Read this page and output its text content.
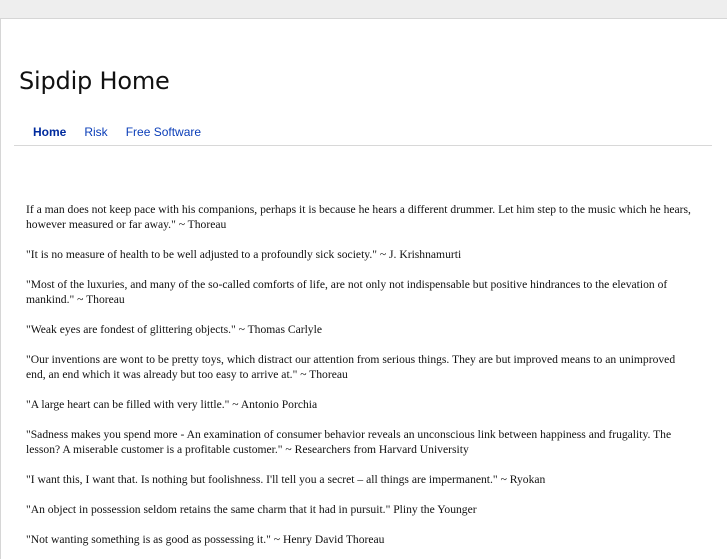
Sipdip Home
Home Risk Free Software

If a man does not keep pace with his companions, perhaps it is because he hears a different drummer. Let him step to the music which he hears, however measured or far away." ~ Thoreau

"It is no measure of health to be well adjusted to a profoundly sick society." ~ J. Krishnamurti

"Most of the luxuries, and many of the so-called comforts of life, are not only not indispensable but positive hindrances to the elevation of mankind." ~ Thoreau

"Weak eyes are fondest of glittering objects." ~ Thomas Carlyle

"Our inventions are wont to be pretty toys, which distract our attention from serious things. They are but improved means to an unimproved end, an end which it was already but too easy to arrive at." ~ Thoreau

"A large heart can be filled with very little." ~ Antonio Porchia

"Sadness makes you spend more - An examination of consumer behavior reveals an unconscious link between happiness and frugality. The lesson? A miserable customer is a profitable customer." ~ Researchers from Harvard University

"I want this, I want that. Is nothing but foolishness. I'll tell you a secret – all things are impermanent." ~ Ryokan

"An object in possession seldom retains the same charm that it had in pursuit." Pliny the Younger

"Not wanting something is as good as possessing it." ~ Henry David Thoreau
